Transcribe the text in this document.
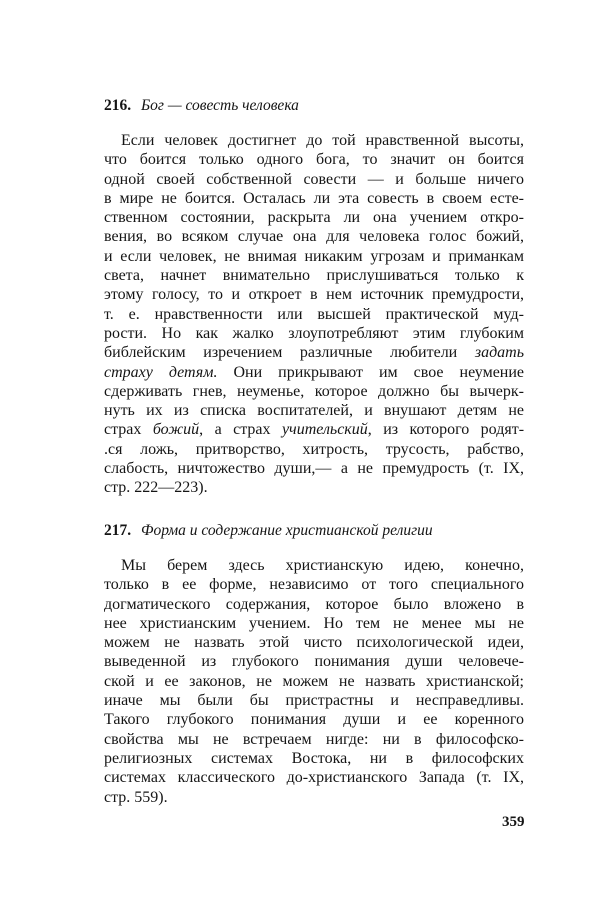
216. Бог — совесть человека
Если человек достигнет до той нравственной высоты,
что боится только одного бога, то значит он боится
одной своей собственной совести — и больше ничего
в мире не боится. Осталась ли эта совесть в своем есте-
ственном состоянии, раскрыта ли она учением откро-
вения, во всяком случае она для человека голос божий,
и если человек, не внимая никаким угрозам и приманкам
света, начнет внимательно прислушиваться только к
этому голосу, то и откроет в нем источник премудрости,
т. е. нравственности или высшей практической муд-
рости. Но как жалко злоупотребляют этим глубоким
библейским изречением различные любители задать
страху детям. Они прикрывают им свое неумение
сдерживать гнев, неуменье, которое должно бы вычерк-
нуть их из списка воспитателей, и внушают детям не
страх божий, а страх учительский, из которого родят-
.ся ложь, притворство, хитрость, трусость, рабство,
слабость, ничтожество души,— а не премудрость (т. IX,
стр. 222—223).
217. Форма и содержание христианской религии
Мы берем здесь христианскую идею, конечно,
только в ее форме, независимо от того специального
догматического содержания, которое было вложено в
нее христианским учением. Но тем не менее мы не
можем не назвать этой чисто психологической идеи,
выведенной из глубокого понимания души человече-
ской и ее законов, не можем не назвать христианской;
иначе мы были бы пристрастны и несправедливы.
Такого глубокого понимания души и ее коренного
свойства мы не встречаем нигде: ни в философско-
религиозных системах Востока, ни в философских
системах классического до-христианского Запада (т. IX,
стр. 559).
359
